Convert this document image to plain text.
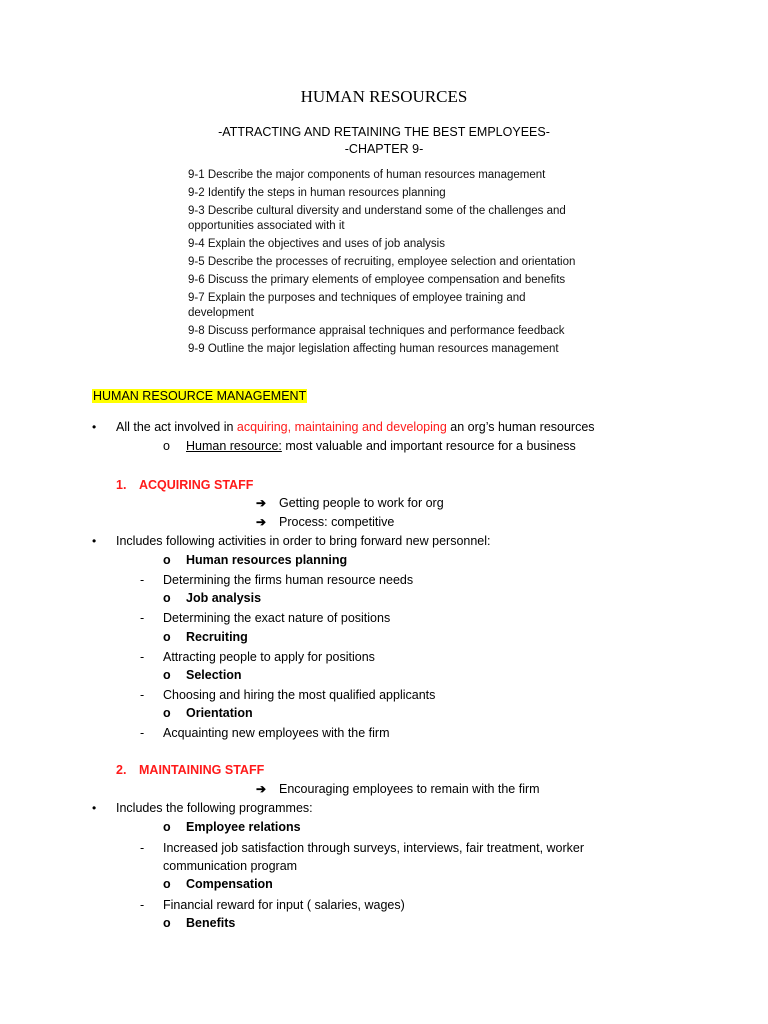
HUMAN RESOURCES
-ATTRACTING AND RETAINING THE BEST EMPLOYEES-
-CHAPTER 9-
9-1 Describe the major components of human resources management
9-2 Identify the steps in human resources planning
9-3 Describe cultural diversity and understand some of the challenges and
opportunities associated with it
9-4 Explain the objectives and uses of job analysis
9-5 Describe the processes of recruiting, employee selection and orientation
9-6 Discuss the primary elements of employee compensation and benefits
9-7 Explain the purposes and techniques of employee training and
development
9-8 Discuss performance appraisal techniques and performance feedback
9-9 Outline the major legislation affecting human resources management
HUMAN RESOURCE MANAGEMENT
• All the act involved in acquiring, maintaining and developing an org’s human resources
o Human resource: most valuable and important resource for a business
1. ACQUIRING STAFF
➔ Getting people to work for org
➔ Process: competitive
• Includes following activities in order to bring forward new personnel:
o Human resources planning
- Determining the firms human resource needs
o Job analysis
- Determining the exact nature of positions
o Recruiting
- Attracting people to apply for positions
o Selection
- Choosing and hiring the most qualified applicants
o Orientation
- Acquainting new employees with the firm
2. MAINTAINING STAFF
➔ Encouraging employees to remain with the firm
• Includes the following programmes:
o Employee relations
- Increased job satisfaction through surveys, interviews, fair treatment, worker
communication program
o Compensation
- Financial reward for input ( salaries, wages)
o Benefits
